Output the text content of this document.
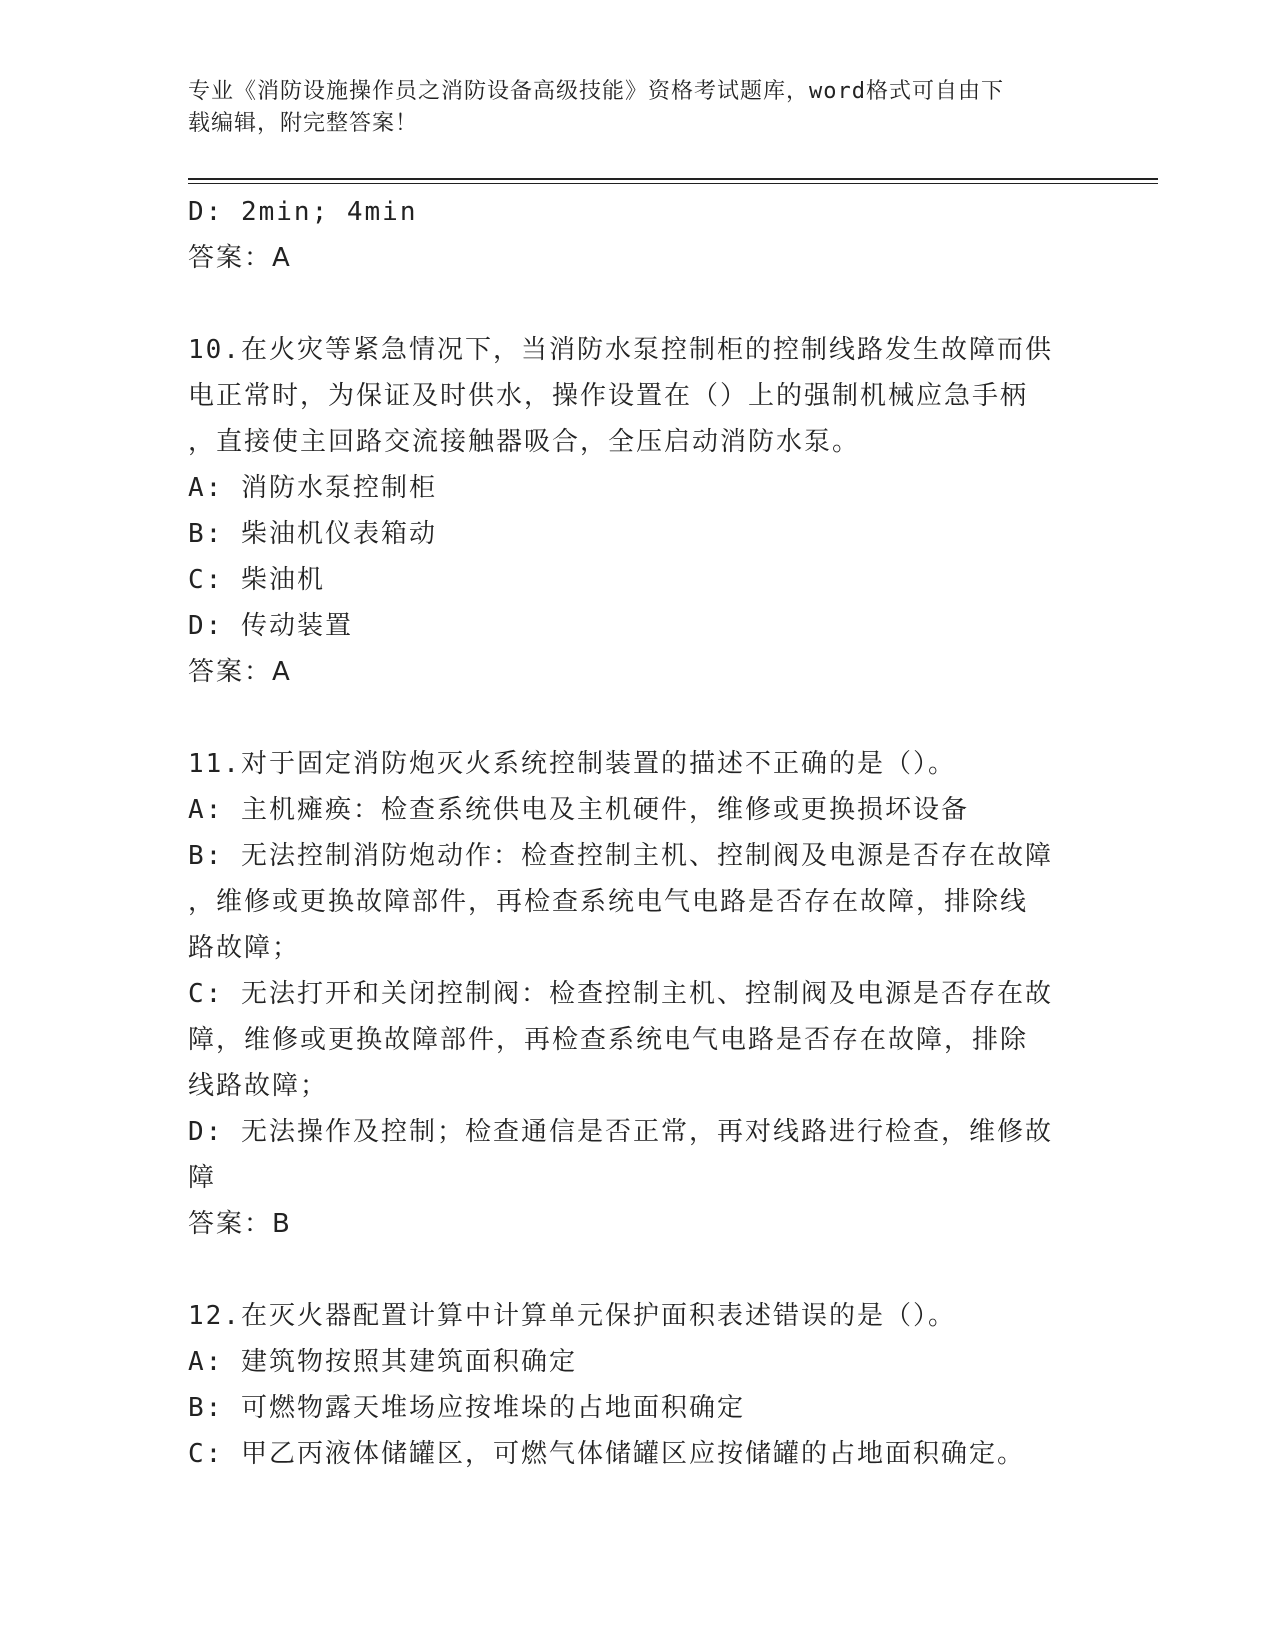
专业《消防设施操作员之消防设备高级技能》资格考试题库，word格式可自由下
载编辑，附完整答案！
D: 2min; 4min
答案：A
10.在火灾等紧急情况下，当消防水泵控制柜的控制线路发生故障而供
电正常时，为保证及时供水，操作设置在（）上的强制机械应急手柄
，直接使主回路交流接触器吸合，全压启动消防水泵。
A: 消防水泵控制柜
B: 柴油机仪表箱动
C: 柴油机
D: 传动装置
答案：A
11.对于固定消防炮灭火系统控制装置的描述不正确的是（）。
A: 主机瘫痪：检查系统供电及主机硬件，维修或更换损坏设备
B: 无法控制消防炮动作：检查控制主机、控制阀及电源是否存在故障
，维修或更换故障部件，再检查系统电气电路是否存在故障，排除线
路故障；
C: 无法打开和关闭控制阀：检查控制主机、控制阀及电源是否存在故
障，维修或更换故障部件，再检查系统电气电路是否存在故障，排除
线路故障；
D: 无法操作及控制；检查通信是否正常，再对线路进行检查，维修故
障
答案：B
12.在灭火器配置计算中计算单元保护面积表述错误的是（）。
A: 建筑物按照其建筑面积确定
B: 可燃物露天堆场应按堆垛的占地面积确定
C: 甲乙丙液体储罐区，可燃气体储罐区应按储罐的占地面积确定。
